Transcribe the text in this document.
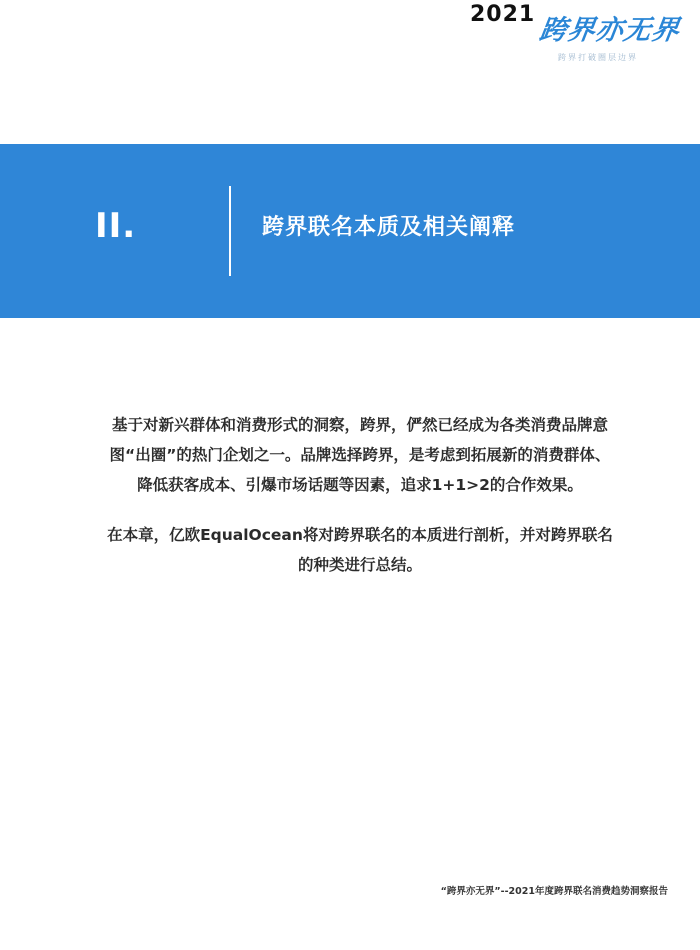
2021
跨界亦无界
跨界打破圈层边界
II.	跨界联名本质及相关阐释

基于对新兴群体和消费形式的洞察，跨界，俨然已经成为各类消费品牌意
图“出圈”的热门企划之一。品牌选择跨界，是考虑到拓展新的消费群体、
降低获客成本、引爆市场话题等因素，追求1+1>2的合作效果。

在本章，亿欧EqualOcean将对跨界联名的本质进行剖析，并对跨界联名
的种类进行总结。

“跨界亦无界”--2021年度跨界联名消费趋势洞察报告
